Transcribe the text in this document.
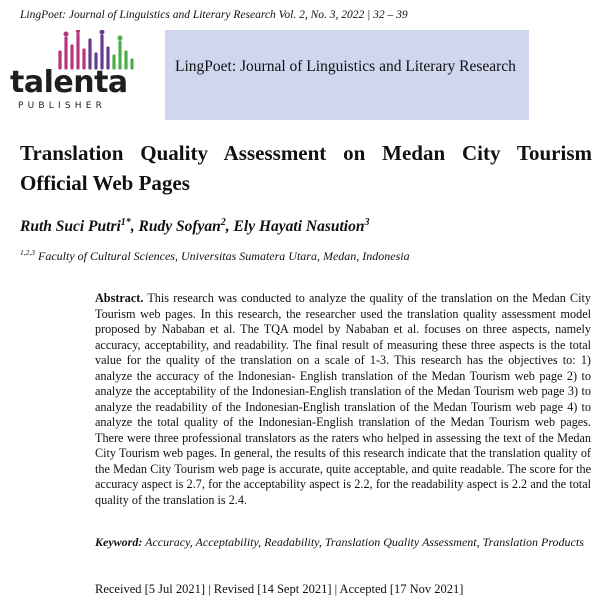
LingPoet: Journal of Linguistics and Literary Research Vol. 2, No. 3, 2022 | 32 – 39
talenta
PUBLISHER
LingPoet: Journal of Linguistics and Literary Research
Translation Quality Assessment on Medan City Tourism Official Web Pages
Ruth Suci Putri$^{1*}$, Rudy Sofyan$^2$, Ely Hayati Nasution$^3$
$^{1,2,3}$ Faculty of Cultural Sciences, Universitas Sumatera Utara, Medan, Indonesia

Abstract. This research was conducted to analyze the quality of the translation on the Medan City Tourism web pages. In this research, the researcher used the translation quality assessment model proposed by Nababan et al. The TQA model by Nababan et al. focuses on three aspects, namely accuracy, acceptability, and readability. The final result of measuring these three aspects is the total value for the quality of the translation on a scale of 1-3. This research has the objectives to: 1) analyze the accuracy of the Indonesian- English translation of the Medan Tourism web page 2) to analyze the acceptability of the Indonesian-English translation of the Medan Tourism web page 3) to analyze the readability of the Indonesian-English translation of the Medan Tourism web page 4) to analyze the total quality of the Indonesian-English translation of the Medan Tourism web pages. There were three professional translators as the raters who helped in assessing the text of the Medan City Tourism web pages. In general, the results of this research indicate that the translation quality of the Medan City Tourism web page is accurate, quite acceptable, and quite readable. The score for the accuracy aspect is 2.7, for the acceptability aspect is 2.2, for the readability aspect is 2.2 and the total quality of the translation is 2.4.

Keyword: Accuracy, Acceptability, Readability, Translation Quality Assessment, Translation Products

Received [5 Jul 2021] | Revised [14 Sept 2021] | Accepted [17 Nov 2021]
